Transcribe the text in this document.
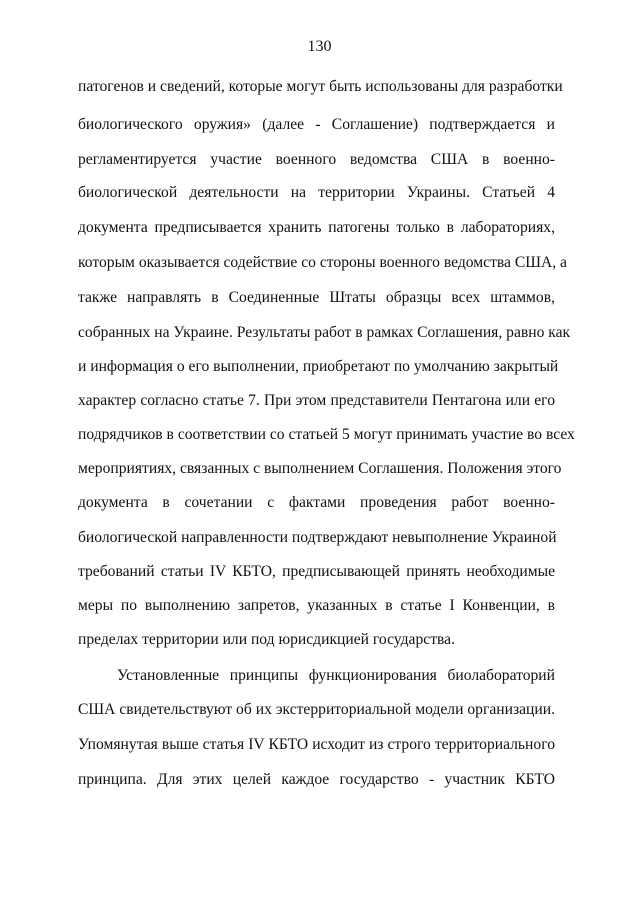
130
патогенов и сведений, которые могут быть использованы для разработки
биологического оружия» (далее - Соглашение) подтверждается и
регламентируется участие военного ведомства США в военно-
биологической деятельности на территории Украины. Статьей 4
документа предписывается хранить патогены только в лабораториях,
которым оказывается содействие со стороны военного ведомства США, а
также направлять в Соединенные Штаты образцы всех штаммов,
собранных на Украине. Результаты работ в рамках Соглашения, равно как
и информация о его выполнении, приобретают по умолчанию закрытый
характер согласно статье 7. При этом представители Пентагона или его
подрядчиков в соответствии со статьей 5 могут принимать участие во всех
мероприятиях, связанных с выполнением Соглашения. Положения этого
документа в сочетании с фактами проведения работ военно-
биологической направленности подтверждают невыполнение Украиной
требований статьи IV КБТО, предписывающей принять необходимые
меры по выполнению запретов, указанных в статье I Конвенции, в
пределах территории или под юрисдикцией государства.
Установленные принципы функционирования биолабораторий
США свидетельствуют об их экстерриториальной модели организации.
Упомянутая выше статья IV КБТО исходит из строго территориального
принципа. Для этих целей каждое государство - участник КБТО
